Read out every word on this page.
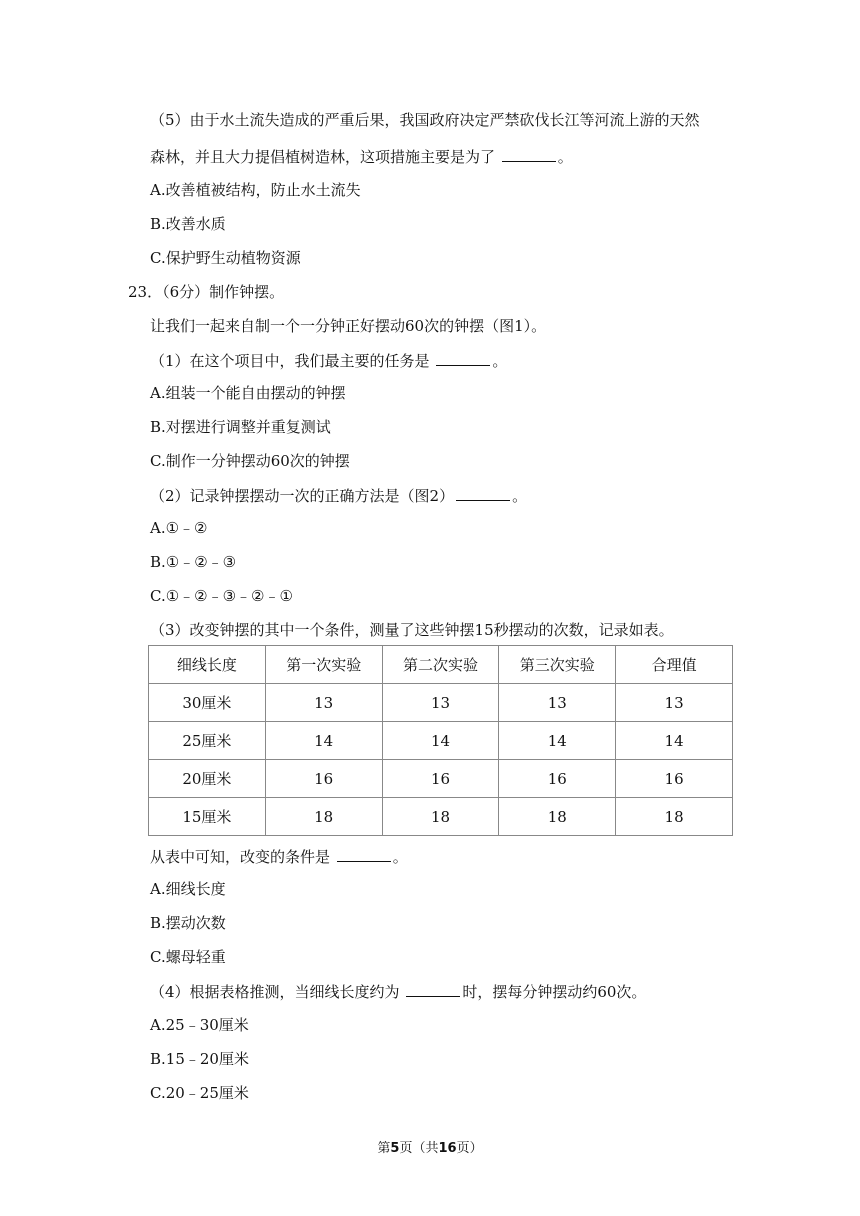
（5）由于水土流失造成的严重后果，我国政府决定严禁砍伐长江等河流上游的天然
森林，并且大力提倡植树造林，这项措施主要是为了	。
A.改善植被结构，防止水土流失
B.改善水质
C.保护野生动植物资源
23．（6分）制作钟摆。
让我们一起来自制一个一分钟正好摆动60次的钟摆（图1）。
（1）在这个项目中，我们最主要的任务是	。
A.组装一个能自由摆动的钟摆
B.对摆进行调整并重复测试
C.制作一分钟摆动60次的钟摆
（2）记录钟摆摆动一次的正确方法是（图2）	。
A.①﹣②
B.①﹣②﹣③
C.①﹣②﹣③﹣②﹣①
（3）改变钟摆的其中一个条件，测量了这些钟摆15秒摆动的次数，记录如表。
细线长度	第一次实验	第二次实验	第三次实验	合理值
30厘米	13	13	13	13
25厘米	14	14	14	14
20厘米	16	16	16	16
15厘米	18	18	18	18
从表中可知，改变的条件是	。
A.细线长度
B.摆动次数
C.螺母轻重
（4）根据表格推测，当细线长度约为	时，摆每分钟摆动约60次。
A.25﹣30厘米
B.15﹣20厘米
C.20﹣25厘米
第5页（共16页）
